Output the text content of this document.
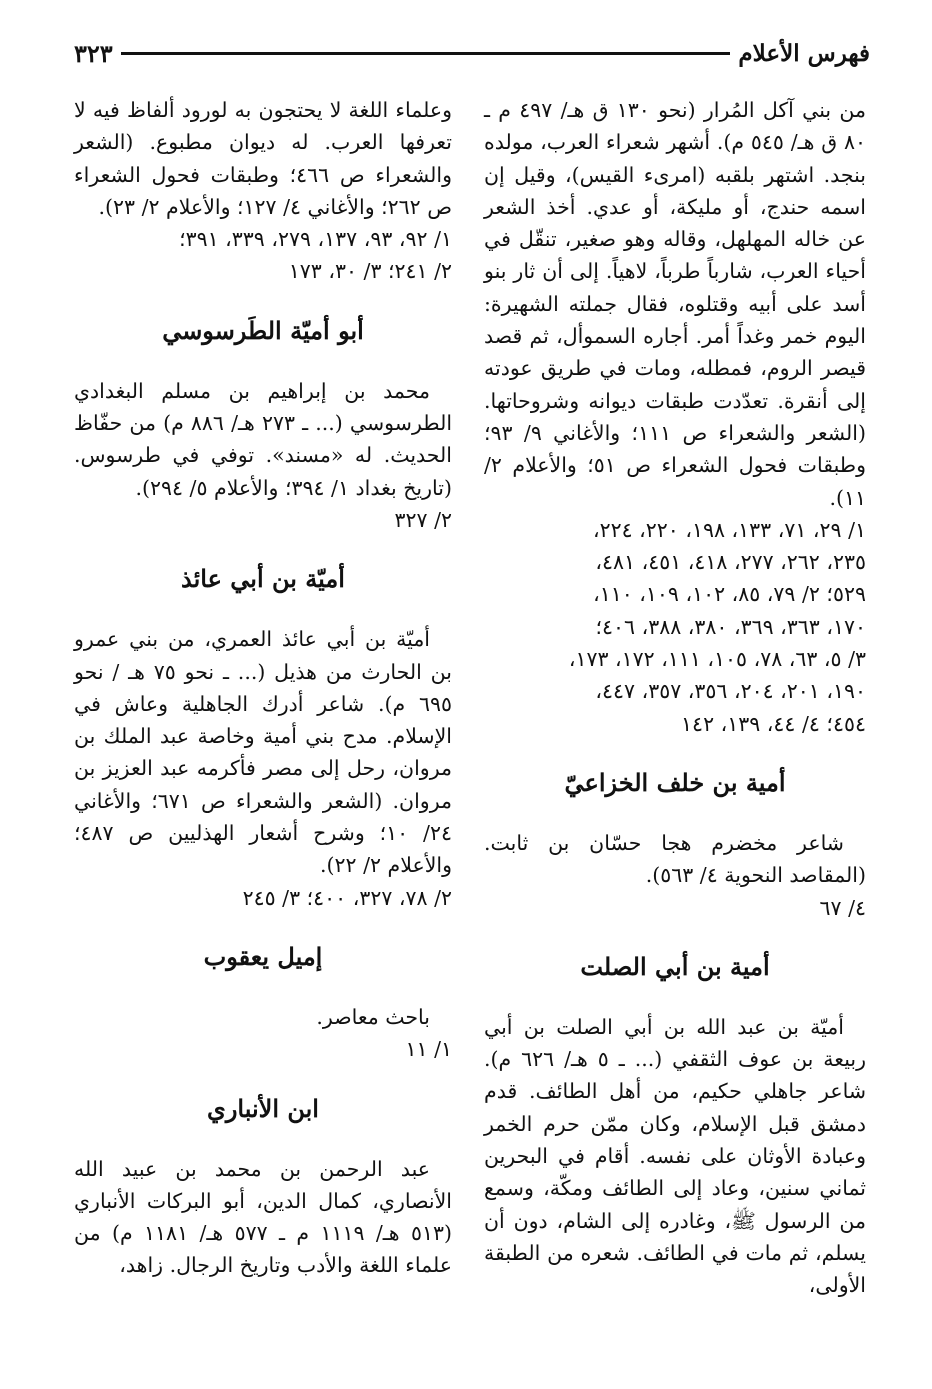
فهرس الأعلام
٣٢٣

من بني آكل المُرار (نحو ١٣٠ ق هـ/ ٤٩٧ م ـ ٨٠ ق هـ/ ٥٤٥ م). أشهر شعراء العرب، مولده بنجد. اشتهر بلقبه (امرىء القيس)، وقيل إن اسمه حندج، أو مليكة، أو عدي. أخذ الشعر عن خاله المهلهل، وقاله وهو صغير، تنقّل في أحياء العرب، شارباً طرباً، لاهياً. إلى أن ثار بنو أسد على أبيه وقتلوه، فقال جملته الشهيرة: اليوم خمر وغداً أمر. أجاره السموأل، ثم قصد قيصر الروم، فمطله، ومات في طريق عودته إلى أنقرة. تعدّدت طبقات ديوانه وشروحاتها. (الشعر والشعراء ص ١١١؛ والأغاني ٩/ ٩٣؛ وطبقات فحول الشعراء ص ٥١؛ والأعلام ٢/ ١١).

١/ ٢٩، ٧١، ١٣٣، ١٩٨، ٢٢٠، ٢٢٤،
٢٣٥، ٢٦٢، ٢٧٧، ٤١٨، ٤٥١، ٤٨١،
٥٢٩؛ ٢/ ٧٩، ٨٥، ١٠٢، ١٠٩، ١١٠،
١٧٠، ٣٦٣، ٣٦٩، ٣٨٠، ٣٨٨، ٤٠٦؛
٣/ ٥، ٦٣، ٧٨، ١٠٥، ١١١، ١٧٢، ١٧٣،
١٩٠، ٢٠١، ٢٠٤، ٣٥٦، ٣٥٧، ٤٤٧،
٤٥٤؛ ٤/ ٤٤، ١٣٩، ١٤٢

أمية بن خلف الخزاعيّ

شاعر مخضرم هجا حسّان بن ثابت. (المقاصد النحوية ٤/ ٥٦٣).

٤/ ٦٧

أمية بن أبي الصلت

أميّة بن عبد الله بن أبي الصلت بن أبي ربيعة بن عوف الثقفي (... ـ ٥ هـ/ ٦٢٦ م). شاعر جاهلي حكيم، من أهل الطائف. قدم دمشق قبل الإسلام، وكان ممّن حرم الخمر وعبادة الأوثان على نفسه. أقام في البحرين ثماني سنين، وعاد إلى الطائف ومكّة، وسمع من الرسول ﷺ، وغادره إلى الشام، دون أن يسلم، ثم مات في الطائف. شعره من الطبقة الأولى،

وعلماء اللغة لا يحتجون به لورود ألفاظ فيه لا تعرفها العرب. له ديوان مطبوع. (الشعر والشعراء ص ٤٦٦؛ وطبقات فحول الشعراء ص ٢٦٢؛ والأغاني ٤/ ١٢٧؛ والأعلام ٢/ ٢٣).

١/ ٩٢، ٩٣، ١٣٧، ٢٧٩، ٣٣٩، ٣٩١؛
٢/ ٢٤١؛ ٣/ ٣٠، ١٧٣

أبو أميّة الطَرسوسي

محمد بن إبراهيم بن مسلم البغدادي الطرسوسي (... ـ ٢٧٣ هـ/ ٨٨٦ م) من حفّاظ الحديث. له «مسند». توفي في طرسوس. (تاريخ بغداد ١/ ٣٩٤؛ والأعلام ٥/ ٢٩٤).

٢/ ٣٢٧

أميّة بن أبي عائذ

أميّة بن أبي عائذ العمري، من بني عمرو بن الحارث من هذيل (... ـ نحو ٧٥ هـ / نحو ٦٩٥ م). شاعر أدرك الجاهلية وعاش في الإسلام. مدح بني أمية وخاصة عبد الملك بن مروان، رحل إلى مصر فأكرمه عبد العزيز بن مروان. (الشعر والشعراء ص ٦٧١؛ والأغاني ٢٤/ ١٠؛ وشرح أشعار الهذليين ص ٤٨٧؛ والأعلام ٢/ ٢٢).

٢/ ٧٨، ٣٢٧، ٤٠٠؛ ٣/ ٢٤٥

إميل يعقوب

باحث معاصر.

١/ ١١

ابن الأنباري

عبد الرحمن بن محمد بن عبيد الله الأنصاري، كمال الدين، أبو البركات الأنباري (٥١٣ هـ/ ١١١٩ م ـ ٥٧٧ هـ/ ١١٨١ م) من علماء اللغة والأدب وتاريخ الرجال. زاهد،
